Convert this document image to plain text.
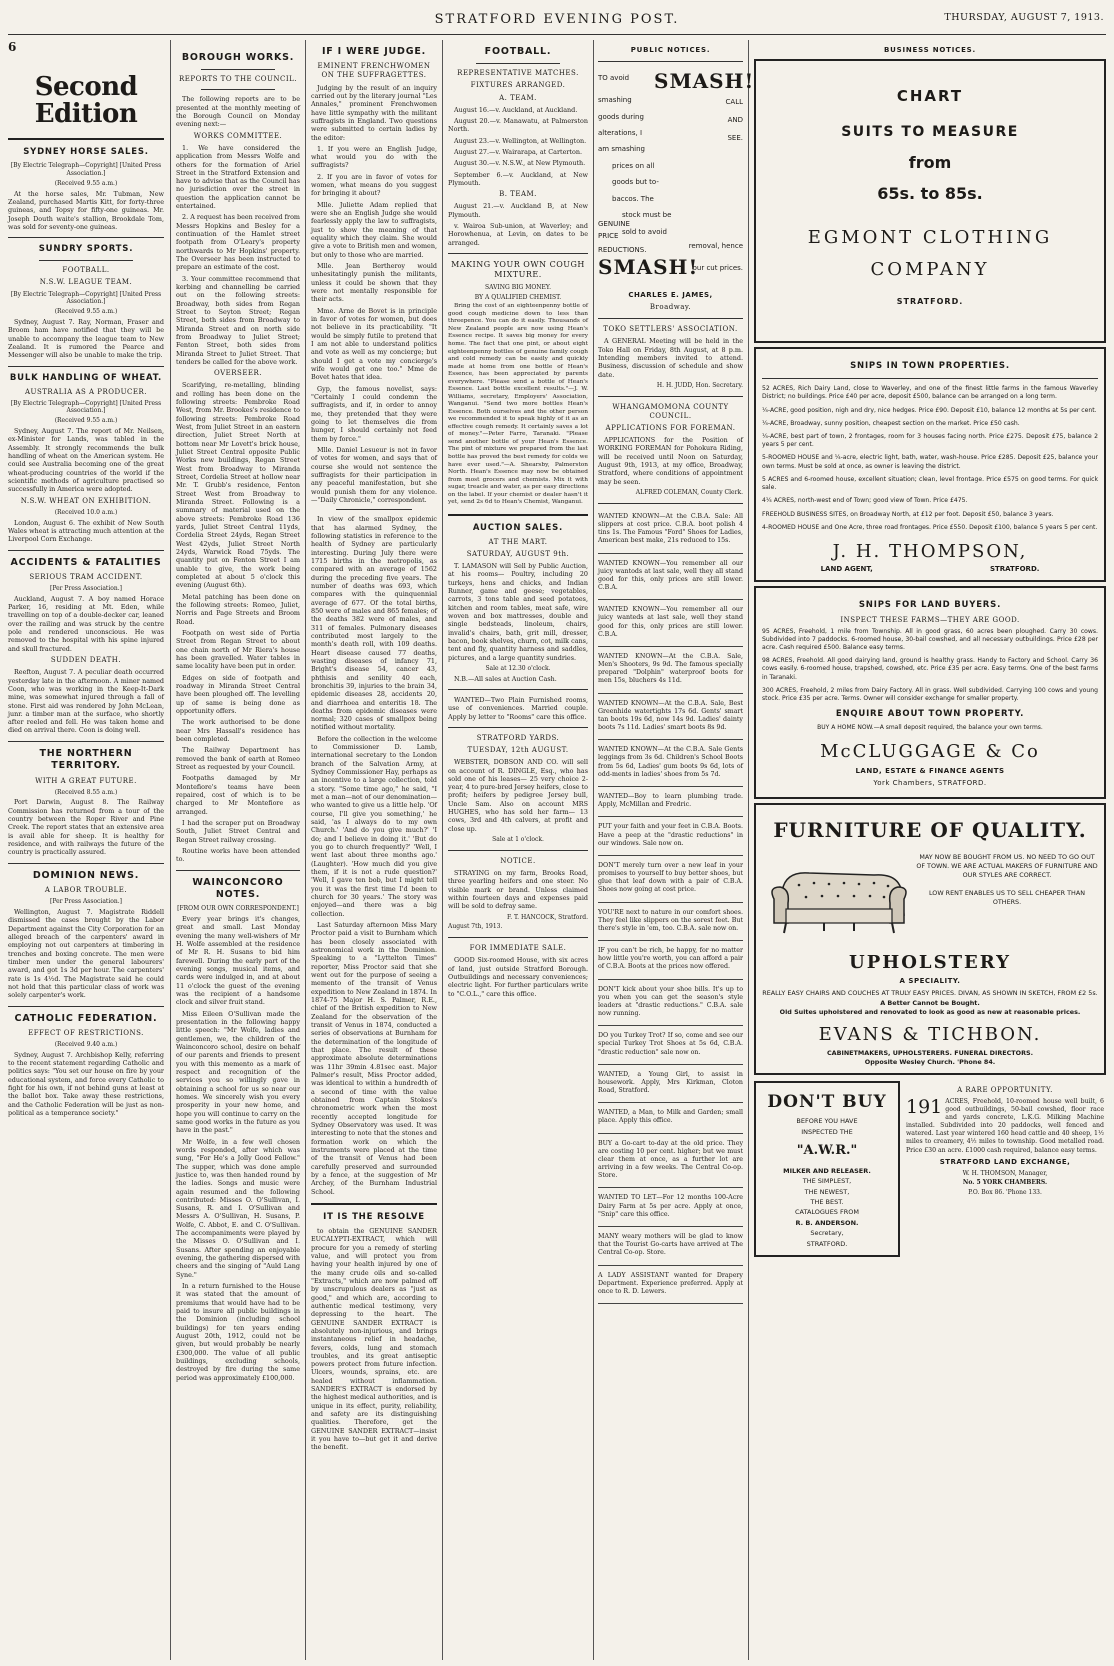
STRATFORD EVENING POST.	THURSDAY, AUGUST 7, 1913.
6
Second Edition
SYDNEY HORSE SALES.
[By Electric Telegraph—Copyright] [United Press Association.]
(Received 9.55 a.m.)

At the horse sales, Mr. Tubman, New Zealand, purchased Martis Kitt, for forty-three guineas, and Topsy for fifty-one guineas. Mr. Joseph Douth waite's stallion, Brookdale Tom, was sold for seventy-one guineas.

SUNDRY SPORTS.
FOOTBALL.
N.S.W. LEAGUE TEAM.
[By Electric Telegraph—Copyright] [United Press Association.]
(Received 9.55 a.m.)

Sydney, August 7. Ray, Norman, Fraser and Broom ham have notified that they will be unable to accompany the league team to New Zealand. It is rumored the Pearce and Messenger will also be unable to make the trip.

BULK HANDLING OF WHEAT.
AUSTRALIA AS A PRODUCER.
[By Electric Telegraph—Copyright] [United Press Association.]
(Received 9.55 a.m.)

Sydney, August 7. The report of Mr. Neilsen, ex-Minister for Lands, was tabled in the Assembly. It strongly recommends the bulk handling of wheat on the American system. He could see Australia becoming one of the great wheat-producing countries of the world if the scientific methods of agriculture practised so successfully in America were adopted.

N.S.W. WHEAT ON EXHIBITION.
(Received 10.0 a.m.)

London, August 6. The exhibit of New South Wales wheat is attracting much attention at the Liverpool Corn Exchange.

ACCIDENTS & FATALITIES
SERIOUS TRAM ACCIDENT.
[Per Press Association.]

Auckland, August 7. A boy named Horace Parker, 16, residing at Mt. Eden, while travelling on top of a double-decker car, leaned over the railing and was struck by the centre pole and rendered unconscious. He was removed to the hospital with his spine injured and skull fractured.

SUDDEN DEATH.

Reefton, August 7. A peculiar death occurred yesterday late in the afternoon. A miner named Coon, who was working in the Keep-It-Dark mine, was somewhat injured through a fall of stone. First aid was rendered by John McLean, junr. a timber man at the surface, who shortly after reeled and fell. He was taken home and died on arrival there. Coon is doing well.

THE NORTHERN TERRITORY.
WITH A GREAT FUTURE.
(Received 8.55 a.m.)

Port Darwin, August 8. The Railway Commission has returned from a tour of the country between the Roper River and Pine Creek. The report states that an extensive area is avail able for sheep. It is healthy for residence, and with railways the future of the country is practically assured.

DOMINION NEWS.
A LABOR TROUBLE.
[Per Press Association.]

Wellington, August 7. Magistrate Riddell dismissed the cases brought by the Labor Department against the City Corporation for an alleged breach of the carpenters' award in employing not out carpenters at timbering in trenches and boxing concrete. The men were timber men under the general labourers' award, and got 1s 3d per hour. The carpenters' rate is 1s 4½d. The Magistrate said he could not hold that this particular class of work was solely carpenter's work.

CATHOLIC FEDERATION.
EFFECT OF RESTRICTIONS.
(Received 9.40 a.m.)

Sydney, August 7. Archbishop Kelly, referring to the recent statement regarding Catholic and politics says: "You set our house on fire by your educational system, and force every Catholic to fight for his own, if not behind guns at least at the ballot box. Take away these restrictions, and the Catholic Federation will be just as non-political as a temperance society."

BOROUGH WORKS.
REPORTS TO THE COUNCIL.

The following reports are to be presented at the monthly meeting of the Borough Council on Monday evening next:—

WORKS COMMITTEE.

1. We have considered the application from Messrs Wolfe and others for the formation of Ariel Street in the Stratford Extension and have to advise that as the Council has no jurisdiction over the street in question the application cannot be entertained.

2. A request has been received from Messrs Hopkins and Besley for a continuation of the Hamlet street footpath from O'Leary's property northwards to Mr Hopkins' property. The Overseer has been instructed to prepare an estimate of the cost.

3. Your committee recommend that kerbing and channelling be carried out on the following streets: Broadway, both sides from Regan Street to Seyton Street; Regan Street, both sides from Broadway to Miranda Street and on north side from Broadway to Juliet Street; Fenton Street, both sides from Miranda Street to Juliet Street. That tenders be called for the above work.

OVERSEER.

Scarifying, re-metalling, blinding and rolling has been done on the following streets: Pembroke Road West, from Mr. Brookes's residence to following streets: Pembroke Road West, from Juliet Street in an eastern direction, Juliet Street North at bottom near Mr Lovett's brick house, Juliet Street Central opposite Public Works new buildings, Regan Street West from Broadway to Miranda Street, Cordelia Street at hollow near Mr. T. Grubb's residence, Fenton Street West from Broadway to Miranda Street. Following is a summary of material used on the above streets: Pembroke Road 136 yards, Juliet Street Central 11yds, Cordelia Street 24yds, Regan Street West 42yds, Juliet Street North 24yds, Warwick Road 75yds. The quantity put on Fenton Street I am unable to give, the work being completed at about 5 o'clock this evening (August 6th).

Metal patching has been done on the following streets: Romeo, Juliet, Norris and Page Streets and Broom Road.

Footpath on west side of Portia Street from Regan Street to about one chain north of Mr Riera's house has been gravelled. Water tables in same locality have been put in order.

Edges on side of footpath and roadway in Miranda Street Central have been ploughed off. The levelling up of same is being done as opportunity offers.

The work authorised to be done near Mrs Hassall's residence has been completed.

The Railway Department has removed the bank of earth at Romeo Street as requested by your Council.

Footpaths damaged by Mr Montefiore's teams have been repaired, cost of which is to be charged to Mr Montefiore as arranged.

I had the scraper put on Broadway South, Juliet Street Central and Regan Street railway crossing.

Routine works have been attended to.

WAINCONCORO NOTES.
[FROM OUR OWN CORRESPONDENT.]

Every year brings it's changes, great and small. Last Monday evening the many well-wishers of Mr H. Wolfe assembled at the residence of Mr R. H. Susans to bid him farewell. During the early part of the evening songs, musical items, and cards were indulged in, and at about 11 o'clock the guest of the evening was the recipient of a handsome clock and silver fruit stand.

Miss Eileen O'Sullivan made the presentation in the following happy little speech: "Mr Wolfe, ladies and gentlemen, we, the children of the Wainconcoro school, desire on behalf of our parents and friends to present you with this memento as a mark of respect and recognition of the services you so willingly gave in obtaining a school for us so near our homes. We sincerely wish you every prosperity in your new home, and hope you will continue to carry on the same good works in the future as you have in the past."

Mr Wolfe, in a few well chosen words responded, after which was sung, "For He's a Jolly Good Fellow." The supper, which was done ample justice to, was then handed round by the ladies. Songs and music were again resumed and the following contributed: Misses O. O'Sullivan, I. Susans, R. and I. O'Sullivan and Messrs A. O'Sullivan, H. Susans, P. Wolfe, C. Abbot, E. and C. O'Sullivan. The accompaniments were played by the Misses O. O'Sullivan and I. Susans. After spending an enjoyable evening, the gathering dispersed with cheers and the singing of "Auld Lang Syne."

In a return furnished to the House it was stated that the amount of premiums that would have had to be paid to insure all public buildings in the Dominion (including school buildings) for ten years ending August 20th, 1912, could not be given, but would probably be nearly £300,000. The value of all public buildings, excluding schools, destroyed by fire during the same period was approximately £100,000.

IF I WERE JUDGE.
EMINENT FRENCHWOMEN ON THE SUFFRAGETTES.

Judging by the result of an inquiry carried out by the literary journal "Les Annales," prominent Frenchwomen have little sympathy with the militant suffragists in England. Two questions were submitted to certain ladies by the editor:

1. If you were an English Judge, what would you do with the suffragists?

2. If you are in favor of votes for women, what means do you suggest for bringing it about?

Mlle. Juliette Adam replied that were she an English Judge she would fearlessly apply the law to suffragists, just to show the meaning of that equality which they claim. She would give a vote to British men and women, but only to those who are married.

Mlle. Jean Bertheroy would unhesitatingly punish the militants, unless it could be shown that they were not mentally responsible for their acts.

Mme. Arne de Bovet is in principle in favor of votes for women, but does not believe in its practicability. "It would be simply futile to pretend that I am not able to understand politics and vote as well as my concierge; but should I get a vote my concierge's wife would get one too." Mme de Bovet hates that idea.

Gyp, the famous novelist, says: "Certainly I could condemn the suffragists, and if, in order to annoy me, they pretended that they were going to let themselves die from hunger, I should certainly not feed them by force."

Mlle. Daniel Lesueur is not in favor of votes for women, and says that of course she would not sentence the suffragists for their participation in any peaceful manifestation, but she would punish them for any violence.—"Daily Chronicle," correspondent.

In view of the smallpox epidemic that has alarmed Sydney, the following statistics in reference to the health of Sydney are particularly interesting. During July there were 1715 births in the metropolis, as compared with an average of 1562 during the preceding five years. The number of deaths was 693, which compares with the quinquennial average of 677. Of the total births, 850 were of males and 865 females; of the deaths 382 were of males, and 311 of females. Pulmonary diseases contributed most largely to the month's death roll, with 109 deaths. Heart disease caused 77 deaths, wasting diseases of infancy 71, Bright's disease 54, cancer 43, phthisis and senility 40 each, bronchitis 39, injuries to the brain 34, epidemic diseases 28, accidents 20, and diarrhoea and enteritis 18. The deaths from epidemic diseases were normal; 320 cases of smallpox being notified without mortality.

Before the collection in the welcome to Commissioner D. Lamb, international secretary to the London branch of the Salvation Army, at Sydney Commissioner Hay, perhaps as an incentive to a large collection, told a story. "Some time ago," he said, "I met a man—not of our denomination—who wanted to give us a little help. 'Of course, I'll give you something,' he said, 'as I always do to my own Church.' 'And do you give much?' 'I do; and I believe in doing it.' 'But do you go to church frequently?' 'Well, I went last about three months ago.' (Laughter). 'How much did you give them, if it is not a rude question?' 'Well, I gave ten bob, but I might tell you it was the first time I'd been to church for 30 years.' The story was enjoyed—and there was a big collection.

Last Saturday afternoon Miss Mary Proctor paid a visit to Burnham which has been closely associated with astronomical work in the Dominion. Speaking to a "Lyttelton Times" reporter, Miss Proctor said that she went out for the purpose of seeing a memento of the transit of Venus expedition to New Zealand in 1874. In 1874-75 Major H. S. Palmer, R.E., chief of the British expedition to New Zealand for the observation of the transit of Venus in 1874, conducted a series of observations at Burnham for the determination of the longitude of that place. The result of these approximate absolute determinations was 11hr 39min 4.81sec east. Major Palmer's result, Miss Proctor added, was identical to within a hundredth of a second of time with the value obtained from Captain Stokes's chronometric work when the most recently accepted longitude for Sydney Observatory was used. It was interesting to note that the stones and formation work on which the instruments were placed at the time of the transit of Venus had been carefully preserved and surrounded by a fence, at the suggestion of Mr Archey, of the Burnham Industrial School.

IT IS THE RESOLVE

to obtain the GENUINE SANDER EUCALYPTI-EXTRACT, which will procure for you a remedy of sterling value, and will protect you from having your health injured by one of the many crude oils and so-called "Extracts," which are now palmed off by unscrupulous dealers as "just as good," and which are, according to authentic medical testimony, very depressing to the heart. The GENUINE SANDER EXTRACT is absolutely non-injurious, and brings instantaneous relief in headache, fevers, colds, lung and stomach troubles, and its great antiseptic powers protect from future infection. Ulcers, wounds, sprains, etc. are healed without inflammation. SANDER'S EXTRACT is endorsed by the highest medical authorities, and is unique in its effect, purity, reliability, and safety are its distinguishing qualities. Therefore, get the GENUINE SANDER EXTRACT—insist it you have to—but get it and derive the benefit.

FOOTBALL.
REPRESENTATIVE MATCHES.
FIXTURES ARRANGED.
A. TEAM.

August 16.—v. Auckland, at Auckland.

August 20.—v. Manawatu, at Palmerston North.

August 23.—v. Wellington, at Wellington.

August 27.—v. Wairarapa, at Carterton.

August 30.—v. N.S.W., at New Plymouth.

September 6.—v. Auckland, at New Plymouth.

B. TEAM.

August 21.—v. Auckland B, at New Plymouth.

v. Wairoa Sub-union, at Waverley; and Horowhenua, at Levin, on dates to be arranged.

MAKING YOUR OWN COUGH MIXTURE.
SAVING BIG MONEY.
BY A QUALIFIED CHEMIST.

Bring the cost of an eighteenpenny bottle of good cough medicine down to less than threepence. You can do it easily. Thousands of New Zealand people are now using Hean's Essence recipe. It saves big money for every home. The fact that one pint, or about eight eighteenpenny bottles of genuine family cough and cold remedy can be easily and quickly made at home from one bottle of Hean's Essence, has been appreciated by parents everywhere. "Please send a bottle of Hean's Essence. Last bottle excellent results."—J. W. Williams, secretary, Employers' Association, Wanganui. "Send two more bottles Hean's Essence. Both ourselves and the other person we recommended it to speak highly of it as an effective cough remedy. It certainly saves a lot of money."—Peter Farre, Taranaki. "Please send another bottle of your Hean's Essence. The pint of mixture we prepared from the last bottle has proved the best remedy for colds we have ever used."—A. Shearsby, Palmerston North. Hean's Essence may now be obtained from most grocers and chemists. Mix it with sugar, treacle and water, as per easy directions on the label. If your chemist or dealer hasn't it yet, send 2s 6d to Hean's Chemist, Wanganui.

AUCTION SALES.
AT THE MART.
SATURDAY, AUGUST 9th.

T. LAMASON will Sell by Public Auction, at his rooms— Poultry, including 20 turkeys, hens and chicks, and Indian Runner, game and geese; vegetables, carrots, 3 tons table and seed potatoes, kitchen and room tables, meat safe, wire woven and box mattresses, double and single bedsteads, linoleum, chairs, invalid's chairs, bath, grit mill, dresser, bacon, book shelves, churn, cot, milk cans, tent and fly, quantity harness and saddles, pictures, and a large quantity sundries.

Sale at 12.30 o'clock.

N.B.—All sales at Auction Cash.

WANTED—Two Plain Furnished rooms, use of conveniences. Married couple. Apply by letter to "Rooms" care this office.

STRATFORD YARDS.
TUESDAY, 12th AUGUST.

WEBSTER, DOBSON AND CO. will sell on account of R. DINGLE, Esq., who has sold one of his leases— 25 very choice 2-year, 4 to pure-bred Jersey heifers, close to profit; heifers by pedigree Jersey bull, Uncle Sam. Also on account MRS HUGHES, who has sold her farm— 13 cows, 3rd and 4th calvers, at profit and close up.

Sale at 1 o'clock.
NOTICE.

STRAYING on my farm, Brooks Road, three yearling heifers and one steer. No visible mark or brand. Unless claimed within fourteen days and expenses paid will be sold to defray same.

F. T. HANCOCK, Stratford.
August 7th, 1913.
FOR IMMEDIATE SALE.

GOOD Six-roomed House, with six acres of land, just outside Stratford Borough. Outbuildings and necessary conveniences; electric light. For further particulars write to "C.O.L.," care this office.

PUBLIC NOTICES.
TO avoid SMASH!
CALL
AND
SEE.
smashing
goods during
alterations, I
am smashing
prices on all
goods but to-
baccos. The
stock must be
sold to avoid
GENUINE
PRICE
REDUCTIONS.	removal, hence
SMASH!
our cut prices.
CHARLES E. JAMES,
Broadway.
TOKO SETTLERS' ASSOCIATION.

A GENERAL Meeting will be held in the Toko Hall on Friday, 8th August, at 8 p.m. Intending members invited to attend. Business, discussion of schedule and show date.

H. H. JUDD, Hon. Secretary.
WHANGAMOMONA COUNTY COUNCIL.
APPLICATIONS FOR FOREMAN.

APPLICATIONS for the Position of WORKING FOREMAN for Pohokura Riding, will be received until Noon on Saturday, August 9th, 1913, at my office, Broadway, Stratford, where conditions of appointment may be seen.

ALFRED COLEMAN, County Clerk.

WANTED KNOWN—At the C.B.A. Sale: All slippers at cost price. C.B.A. boot polish 4 tins 1s. The Famous "Ford" Shoes for Ladies, American best make, 21s reduced to 15s.

WANTED KNOWN—You remember all our juicy wantods at last sale, well they all stand good for this, only prices are still lower. C.B.A.

WANTED KNOWN—You remember all our juicy wanteds at last sale, well they stand good for this, only prices are still lower. C.B.A.

WANTED KNOWN—At the C.B.A. Sale, Men's Shooters, 9s 9d. The famous specially prepared "Dolphin" waterproof boots for men 15s, bluchers 4s 11d.

WANTED KNOWN—At the C.B.A. Sale, Best Greenhide watertights 17s 6d. Gents' smart tan boots 19s 6d, now 14s 9d. Ladies' dainty boots 7s 11d. Ladies' smart boots 8s 9d.

WANTED KNOWN—At the C.B.A. Sale Gents leggings from 3s 6d. Children's School Boots from 5s 6d, Ladies' gum boots 9s 6d, lots of odd-ments in ladies' shoes from 5s 7d.

WANTED—Boy to learn plumbing trade. Apply, McMillan and Fredric.

PUT your faith and your feet in C.B.A. Boots. Have a peep at the "drastic reductions" in our windows. Sale now on.

DON'T merely turn over a new leaf in your promises to yourself to buy better shoes, but glue that leaf down with a pair of C.B.A. Shoes now going at cost price.

YOU'RE next to nature in our comfort shoes. They feel like slippers on the sorest feet. But there's style in 'em, too. C.B.A. sale now on.

IF you can't be rich, be happy, for no matter how little you're worth, you can afford a pair of C.B.A. Boots at the prices now offered.

DON'T kick about your shoe bills. It's up to you when you can get the season's style leaders at "drastic reductions." C.B.A. sale now running.

DO you Turkey Trot? If so, come and see our special Turkey Trot Shoes at 5s 6d, C.B.A. "drastic reduction" sale now on.

WANTED, a Young Girl, to assist in housework. Apply, Mrs Kirkman, Cloton Road, Stratford.

WANTED, a Man, to Milk and Garden; small place. Apply this office.

BUY a Go-cart to-day at the old price. They are costing 10 per cent. higher; but we must clear them at once, as a further lot are arriving in a few weeks. The Central Co-op. Store.

WANTED TO LET—For 12 months 100-Acre Dairy Farm at 5s per acre. Apply at once, "Snip" care this office.

MANY weary mothers will be glad to know that the Tourist Go-carts have arrived at The Central Co-op. Store.

A LADY ASSISTANT wanted for Drapery Department. Experience preferred. Apply at once to R. D. Lewers.

BUSINESS NOTICES.
CHART
SUITS TO MEASURE
from
65s. to 85s.
EGMONT CLOTHING
COMPANY
STRATFORD.
SNIPS IN TOWN PROPERTIES.

52 ACRES, Rich Dairy Land, close to Waverley, and one of the finest little farms in the famous Waverley District; no buildings. Price £40 per acre, deposit £500, balance can be arranged on a long term.

¼-ACRE, good position, nigh and dry, nice hedges. Price £90. Deposit £10, balance 12 months at 5s per cent.

¼-ACRE, Broadway, sunny position, cheapest section on the market. Price £50 cash.

¼-ACRE, best part of town, 2 frontages, room for 3 houses facing north. Price £275. Deposit £75, balance 2 years 5 per cent.

5-ROOMED HOUSE and ¼-acre, electric light, bath, water, wash-house. Price £285. Deposit £25, balance your own terms. Must be sold at once, as owner is leaving the district.

5 ACRES and 6-roomed house, excellent situation; clean, level frontage. Price £575 on good terms. For quick sale.

4¼ ACRES, north-west end of Town; good view of Town. Price £475.

FREEHOLD BUSINESS SITES, on Broadway North, at £12 per foot. Deposit £50, balance 3 years.

4-ROOMED HOUSE and One Acre, three road frontages. Price £550. Deposit £100, balance 5 years 5 per cent.

J. H. THOMPSON,
LAND AGENT,	STRATFORD.
SNIPS FOR LAND BUYERS.
INSPECT THESE FARMS—THEY ARE GOOD.

95 ACRES, Freehold, 1 mile from Township. All in good grass, 60 acres been ploughed. Carry 30 cows. Subdivided into 7 paddocks. 6-roomed house, 30-bail cowshed, and all necessary outbuildings. Price £28 per acre. Cash required £500. Balance easy terms.

98 ACRES, Freehold. All good dairying land, ground is healthy grass. Handy to Factory and School. Carry 36 cows easily. 6-roomed house, trapshed, cowshed, etc. Price £35 per acre. Easy terms. One of the best farms in Taranaki.

300 ACRES, Freehold, 2 miles from Dairy Factory. All in grass. Well subdivided. Carrying 100 cows and young stock. Price £35 per acre. Terms. Owner will consider exchange for smaller property.

ENQUIRE ABOUT TOWN PROPERTY.
BUY A HOME NOW.—A small deposit required, the balance your own terms.
McCLUGGAGE & Co
LAND, ESTATE & FINANCE AGENTS
York Chambers, STRATFORD.
FURNITURE OF QUALITY.
MAY NOW BE BOUGHT FROM US. NO NEED TO GO OUT OF TOWN. WE ARE ACTUAL MAKERS OF FURNITURE AND OUR STYLES ARE CORRECT.
LOW RENT ENABLES US TO SELL CHEAPER THAN OTHERS.
UPHOLSTERY
A SPECIALITY.
REALLY EASY CHAIRS AND COUCHES AT TRULY EASY PRICES. DIVAN, AS SHOWN IN SKETCH, FROM £2 5s.
A Better Cannot be Bought.
Old Suites upholstered and renovated to look as good as new at reasonable prices.
EVANS & TICHBON.
CABINETMAKERS, UPHOLSTERERS. FUNERAL DIRECTORS.
Opposite Wesley Church. 'Phone 84.
DON'T BUY
BEFORE YOU HAVE
INSPECTED THE
"A.W.R."
MILKER AND RELEASER.
THE SIMPLEST,
THE NEWEST,
THE BEST.
CATALOGUES FROM
R. B. ANDERSON.
Secretary,
STRATFORD.
A RARE OPPORTUNITY.
191 ACRES, Freehold, 10-roomed house well built, 6 good outbuildings, 50-bail cowshed, floor race and yards concrete, L.K.G. Milking Machine installed. Subdivided into 20 paddocks, well fenced and watered. Last year wintered 160 head cattle and 40 sheep, 1½ miles to creamery, 4½ miles to township. Good metalled road. Price £30 an acre. £1000 cash required, balance easy terms.

STRATFORD LAND EXCHANGE,
W. H. THOMSON, Manager,
No. 5 YORK CHAMBERS.
P.O. Box 86. 'Phone 133.
